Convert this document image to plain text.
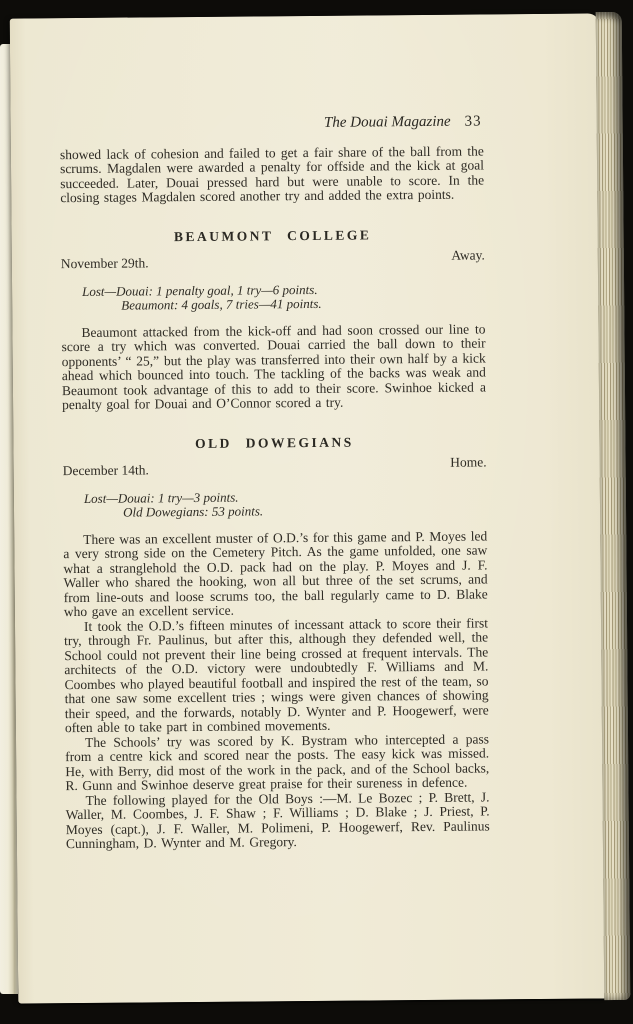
The Douai Magazine 33

showed lack of cohesion and failed to get a fair share of the ball from the scrums. Magdalen were awarded a penalty for offside and the kick at goal succeeded. Later, Douai pressed hard but were unable to score. In the closing stages Magdalen scored another try and added the extra points.

BEAUMONT COLLEGE
November 29th.
Away.
Lost—Douai: 1 penalty goal, 1 try—6 points.
Beaumont: 4 goals, 7 tries—41 points.

Beaumont attacked from the kick-off and had soon crossed our line to score a try which was converted. Douai carried the ball down to their opponents’ “ 25,” but the play was transferred into their own half by a kick ahead which bounced into touch. The tackling of the backs was weak and Beaumont took advantage of this to add to their score. Swinhoe kicked a penalty goal for Douai and O’Connor scored a try.

OLD DOWEGIANS
December 14th.
Home.
Lost—Douai: 1 try—3 points.
Old Dowegians: 53 points.

There was an excellent muster of O.D.’s for this game and P. Moyes led a very strong side on the Cemetery Pitch. As the game unfolded, one saw what a stranglehold the O.D. pack had on the play. P. Moyes and J. F. Waller who shared the hooking, won all but three of the set scrums, and from line-outs and loose scrums too, the ball regularly came to D. Blake who gave an excellent service.

It took the O.D.’s fifteen minutes of incessant attack to score their first try, through Fr. Paulinus, but after this, although they defended well, the School could not prevent their line being crossed at frequent intervals. The architects of the O.D. victory were undoubtedly F. Williams and M. Coombes who played beautiful football and inspired the rest of the team, so that one saw some excellent tries ; wings were given chances of showing their speed, and the forwards, notably D. Wynter and P. Hoogewerf, were often able to take part in combined movements.

The Schools’ try was scored by K. Bystram who intercepted a pass from a centre kick and scored near the posts. The easy kick was missed. He, with Berry, did most of the work in the pack, and of the School backs, R. Gunn and Swinhoe deserve great praise for their sureness in defence.

The following played for the Old Boys :—M. Le Bozec ; P. Brett, J. Waller, M. Coombes, J. F. Shaw ; F. Williams ; D. Blake ; J. Priest, P. Moyes (capt.), J. F. Waller, M. Polimeni, P. Hoogewerf, Rev. Paulinus Cunningham, D. Wynter and M. Gregory.
